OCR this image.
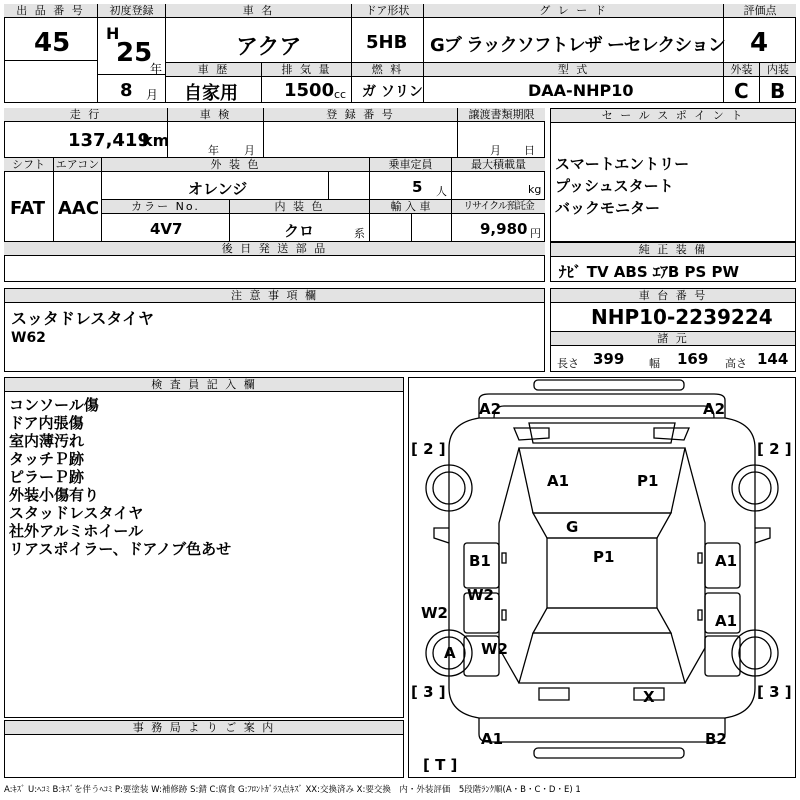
出 品 番 号
45
初度登録
H
25
年
8 月
車 名
アクア
ドア形状
5HB
グ レ ー ド
Gブ ラックソフトレザ ーセレクション
評価点
4
車 歴
自家用
排 気 量
1500 cc
燃 料
ガ ソリン
型 式
DAA-NHP10
外装
C
内装
B
走 行
137,419
km
車 検
年 月
登 録 番 号	譲渡書類期限
月 日
シフト
FAT
エアコン
AAC
外 装 色
オレンジ
乗車定員
5 人
最大積載量
kg
カラー No.
4V7
内 装 色
クロ	系
輸 入 車	リサイクル預託金
9,980 円
後 日 発 送 部 品
セ ー ル ス ポ イ ン ト
スマートエントリー
プッシュスタート
バックモニター
純 正 装 備
ﾅﾋﾞ TV ABS ｴｱB PS PW
注 意 事 項 欄
スッタドレスタイヤ
W62
車 台 番 号
NHP10-2239224
諸 元
長さ 399 幅 169 高さ 144
検 査 員 記 入 欄
コンソール傷
ドア内張傷
室内薄汚れ
タッチＰ跡
ピラーＰ跡
外装小傷有り
スタッドレスタイヤ
社外アルミホイール
リアスポイラー、ドアノブ色あせ
事 務 局 よ り ご 案 内
A2	A2
[ 2 ]	[ 2 ]
A1	P1
G
P1
B1	A1
W2
W2	A1
W2
A
[ 3 ]	[ 3 ]
X
A1	B2
[ T ]
A:ｷｽﾞ U:ﾍｺﾐ B:ｷｽﾞを伴うﾍｺﾐ P:要塗装 W:補修跡 S:錆 C:腐食 G:ﾌﾛﾝﾄｶﾞﾗｽ点ｷｽﾞ XX:交換済み X:要交換　内・外装評価　5段階ﾗﾝｸ順(A・B・C・D・E) 1
